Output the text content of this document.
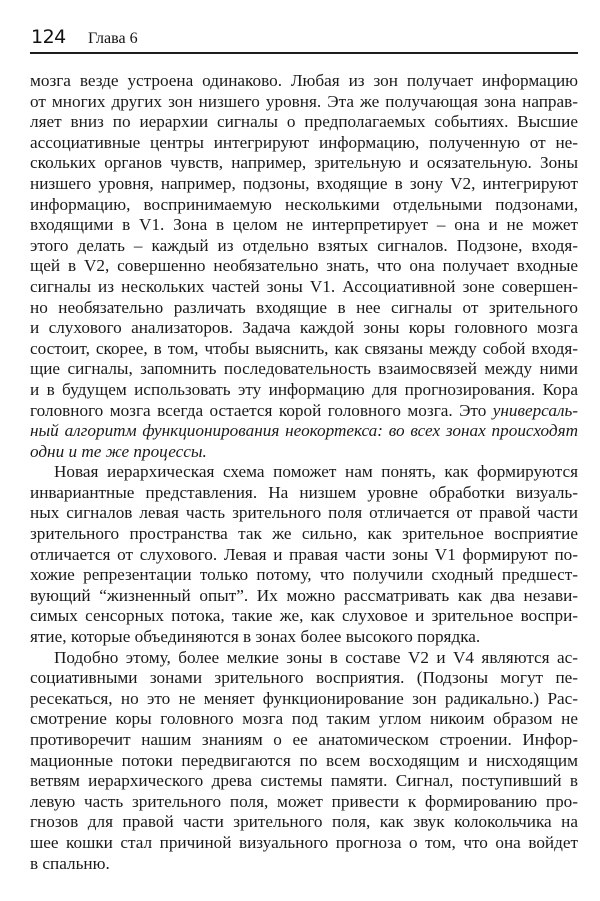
124 Глава 6
мозга везде устроена одинаково. Любая из зон получает информацию
от многих других зон низшего уровня. Эта же получающая зона направ-
ляет вниз по иерархии сигналы о предполагаемых событиях. Высшие
ассоциативные центры интегрируют информацию, полученную от не-
скольких органов чувств, например, зрительную и осязательную. Зоны
низшего уровня, например, подзоны, входящие в зону V2, интегрируют
информацию, воспринимаемую несколькими отдельными подзонами,
входящими в V1. Зона в целом не интерпретирует – она и не может
этого делать – каждый из отдельно взятых сигналов. Подзоне, входя-
щей в V2, совершенно необязательно знать, что она получает входные
сигналы из нескольких частей зоны V1. Ассоциативной зоне совершен-
но необязательно различать входящие в нее сигналы от зрительного
и слухового анализаторов. Задача каждой зоны коры головного мозга
состоит, скорее, в том, чтобы выяснить, как связаны между собой входя-
щие сигналы, запомнить последовательность взаимосвязей между ними
и в будущем использовать эту информацию для прогнозирования. Кора
головного мозга всегда остается корой головного мозга. Это универсаль-
ный алгоритм функционирования неокортекса: во всех зонах происходят
одни и те же процессы.
Новая иерархическая схема поможет нам понять, как формируются
инвариантные представления. На низшем уровне обработки визуаль-
ных сигналов левая часть зрительного поля отличается от правой части
зрительного пространства так же сильно, как зрительное восприятие
отличается от слухового. Левая и правая части зоны V1 формируют по-
хожие репрезентации только потому, что получили сходный предшест-
вующий “жизненный опыт”. Их можно рассматривать как два незави-
симых сенсорных потока, такие же, как слуховое и зрительное воспри-
ятие, которые объединяются в зонах более высокого порядка.
Подобно этому, более мелкие зоны в составе V2 и V4 являются ас-
социативными зонами зрительного восприятия. (Подзоны могут пе-
ресекаться, но это не меняет функционирование зон радикально.) Рас-
смотрение коры головного мозга под таким углом никоим образом не
противоречит нашим знаниям о ее анатомическом строении. Инфор-
мационные потоки передвигаются по всем восходящим и нисходящим
ветвям иерархического древа системы памяти. Сигнал, поступивший в
левую часть зрительного поля, может привести к формированию про-
гнозов для правой части зрительного поля, как звук колокольчика на
шее кошки стал причиной визуального прогноза о том, что она войдет
в спальню.
